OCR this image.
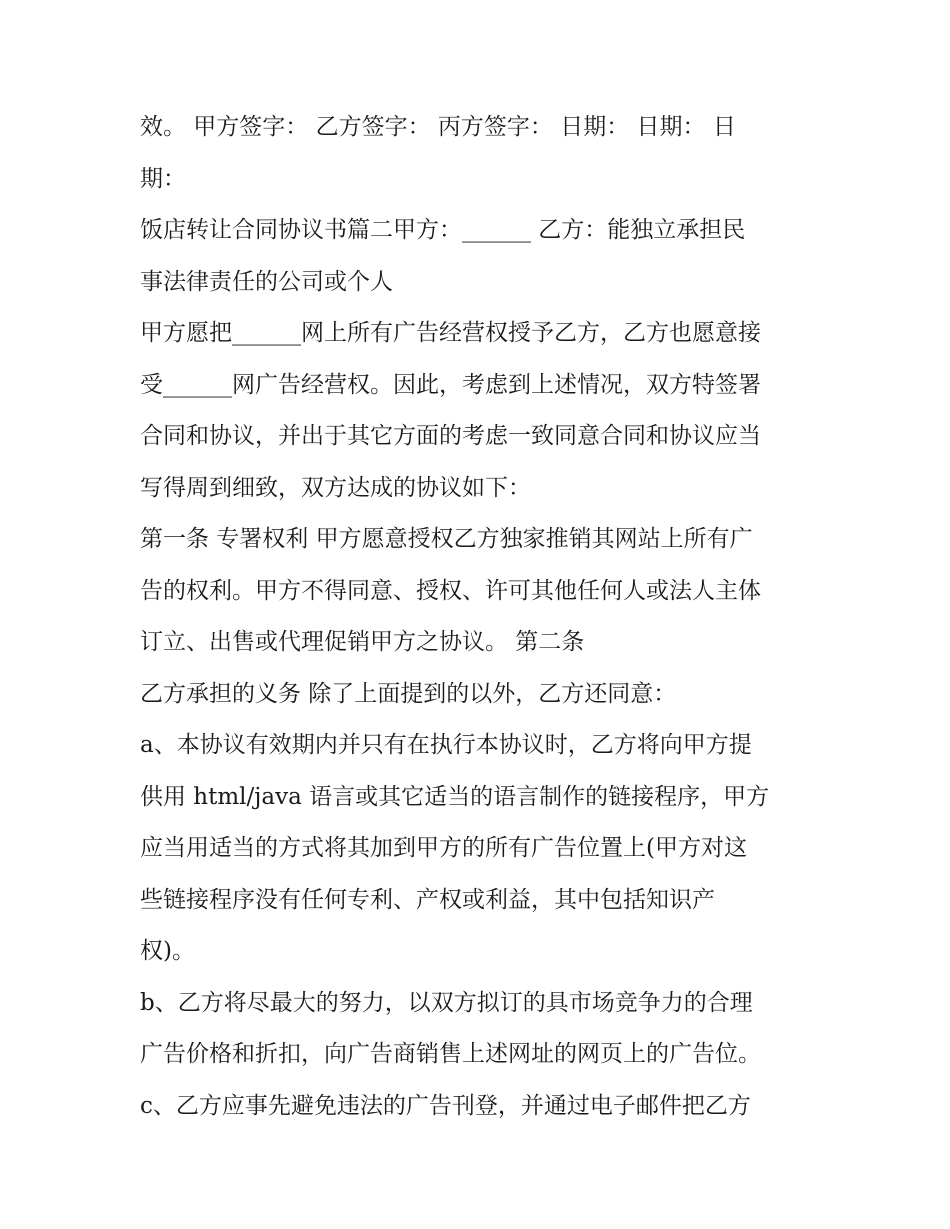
效。 甲方签字： 乙方签字： 丙方签字： 日期： 日期： 日
期：
饭店转让合同协议书篇二甲方：______ 乙方：能独立承担民
事法律责任的公司或个人
甲方愿把______网上所有广告经营权授予乙方，乙方也愿意接
受______网广告经营权。因此，考虑到上述情况，双方特签署
合同和协议，并出于其它方面的考虑一致同意合同和协议应当
写得周到细致，双方达成的协议如下：
第一条 专署权利 甲方愿意授权乙方独家推销其网站上所有广
告的权利。甲方不得同意、授权、许可其他任何人或法人主体
订立、出售或代理促销甲方之协议。 第二条
乙方承担的义务 除了上面提到的以外，乙方还同意：
a、本协议有效期内并只有在执行本协议时，乙方将向甲方提
供用 html/java 语言或其它适当的语言制作的链接程序，甲方
应当用适当的方式将其加到甲方的所有广告位置上(甲方对这
些链接程序没有任何专利、产权或利益，其中包括知识产
权)。
b、乙方将尽最大的努力，以双方拟订的具市场竞争力的合理
广告价格和折扣，向广告商销售上述网址的网页上的广告位。
c、乙方应事先避免违法的广告刊登，并通过电子邮件把乙方
